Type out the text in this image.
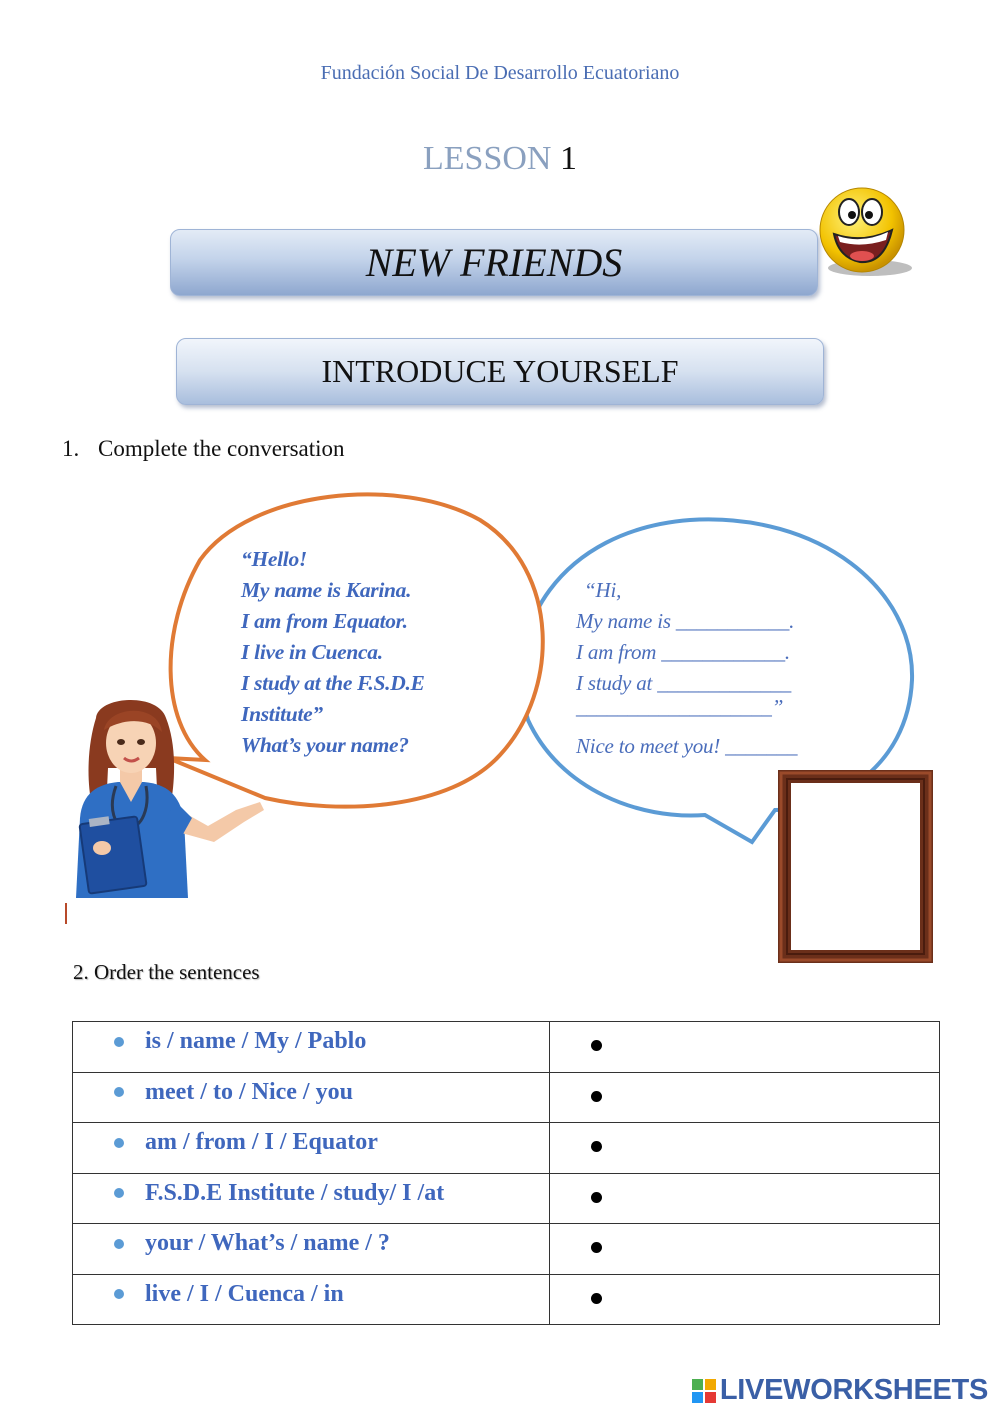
Fundación Social De Desarrollo Ecuatoriano
LESSON 1
NEW FRIENDS
INTRODUCE YOURSELF
1. Complete the conversation
“Hello!
My name is Karina.
I am from Equator.
I live in Cuenca.
I study at the F.S.D.E
Institute”
What’s your name?
“Hi,
My name is ___________.
I am from ____________.
I study at _____________
___________________”
Nice to meet you! _______
2. Order the sentences
is / name / My / Pablo	

meet / to / Nice / you	

am / from / I / Equator	

F.S.D.E Institute / study/ I /at	

your / What’s / name / ?	

live / I / Cuenca / in	

LIVEWORKSHEETS
